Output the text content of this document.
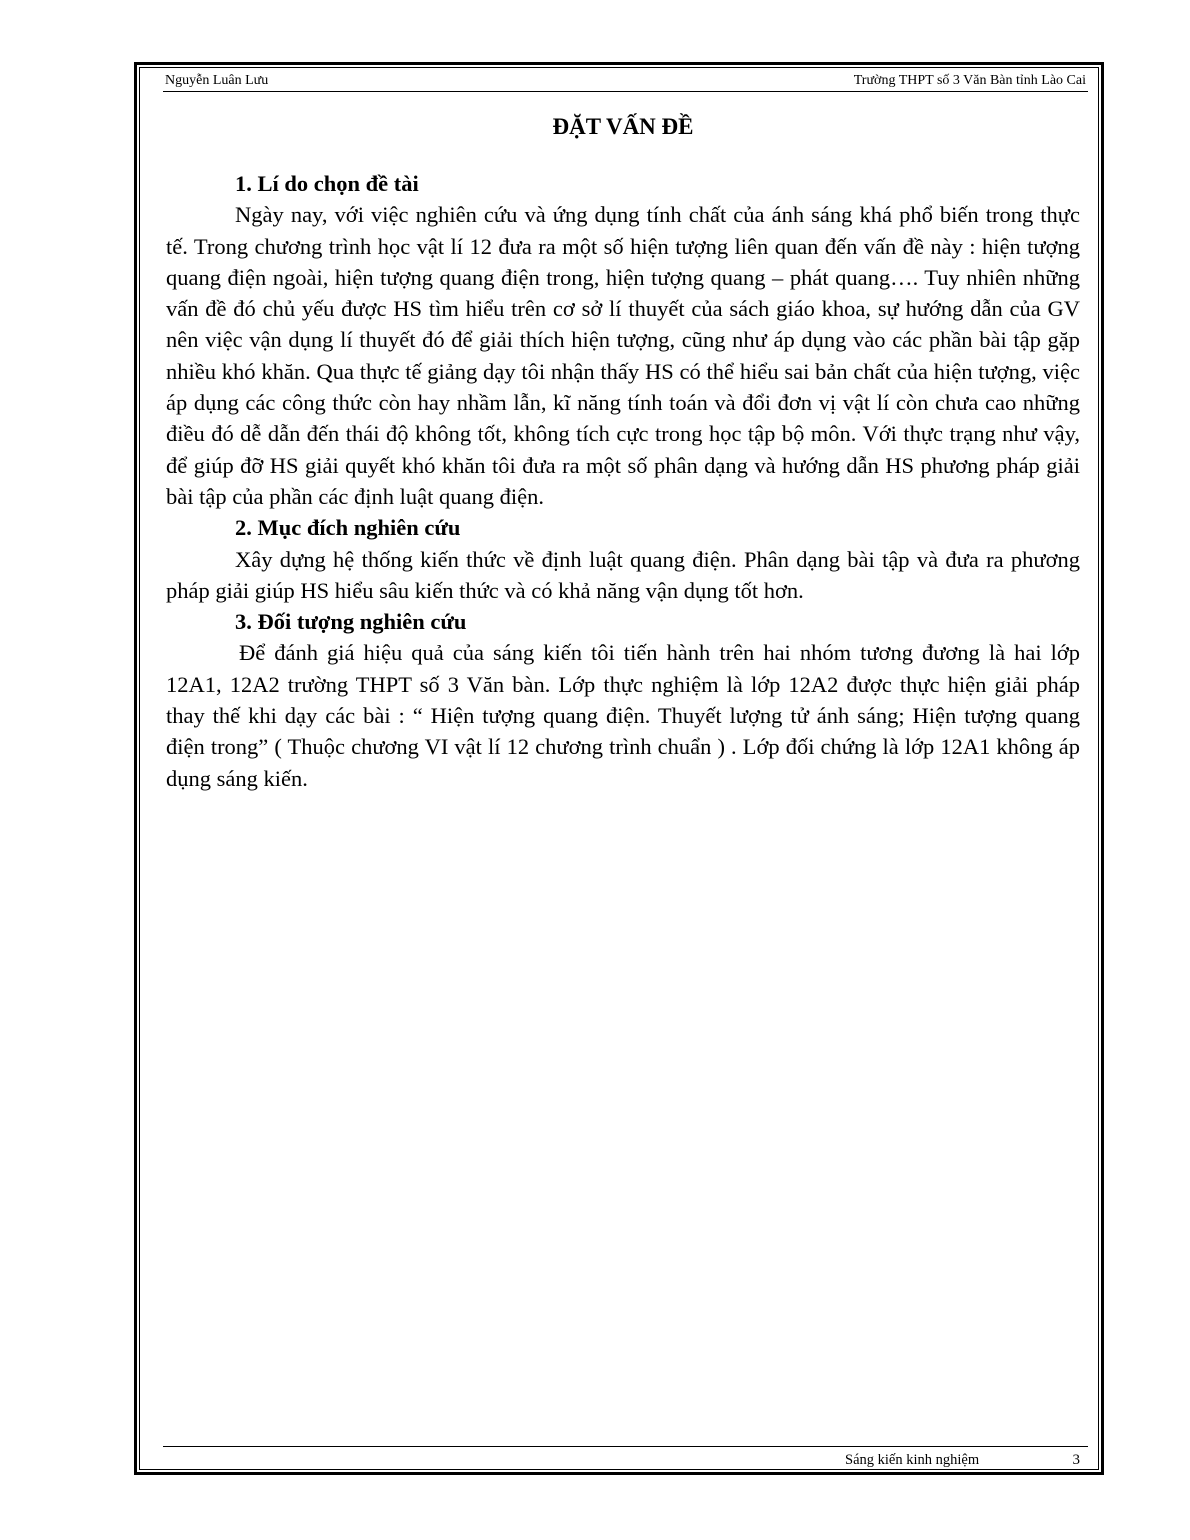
Nguyễn Luân Lưu	Trường THPT số 3 Văn Bàn tỉnh Lào Cai

ĐẶT VẤN ĐỀ

1. Lí do chọn đề tài

Ngày nay, với việc nghiên cứu và ứng dụng tính chất của ánh sáng khá phổ biến trong thực tế. Trong chương trình học vật lí 12 đưa ra một số hiện tượng liên quan đến vấn đề này : hiện tượng quang điện ngoài, hiện tượng quang điện trong, hiện tượng quang – phát quang…. Tuy nhiên những vấn đề đó chủ yếu được HS tìm hiểu trên cơ sở lí thuyết của sách giáo khoa, sự hướng dẫn của GV nên việc vận dụng lí thuyết đó để giải thích hiện tượng, cũng như áp dụng vào các phần bài tập gặp nhiều khó khăn. Qua thực tế giảng dạy tôi nhận thấy HS có thể hiểu sai bản chất của hiện tượng, việc áp dụng các công thức còn hay nhầm lẫn, kĩ năng tính toán và đổi đơn vị vật lí còn chưa cao những điều đó dễ dẫn đến thái độ không tốt, không tích cực trong học tập bộ môn. Với thực trạng như vậy, để giúp đỡ HS giải quyết khó khăn tôi đưa ra một số phân dạng và hướng dẫn HS phương pháp giải bài tập của phần các định luật quang điện.

2. Mục đích nghiên cứu

Xây dựng hệ thống kiến thức về định luật quang điện. Phân dạng bài tập và đưa ra phương pháp giải giúp HS hiểu sâu kiến thức và có khả năng vận dụng tốt hơn.

3. Đối tượng nghiên cứu

Để đánh giá hiệu quả của sáng kiến tôi tiến hành trên hai nhóm tương đương là hai lớp 12A1, 12A2 trường THPT số 3 Văn bàn. Lớp thực nghiệm là lớp 12A2 được thực hiện giải pháp thay thế khi dạy các bài : “ Hiện tượng quang điện. Thuyết lượng tử ánh sáng; Hiện tượng quang điện trong” ( Thuộc chương VI vật lí 12 chương trình chuẩn ) . Lớp đối chứng là lớp 12A1 không áp dụng sáng kiến.

Sáng kiến kinh nghiệm	3
